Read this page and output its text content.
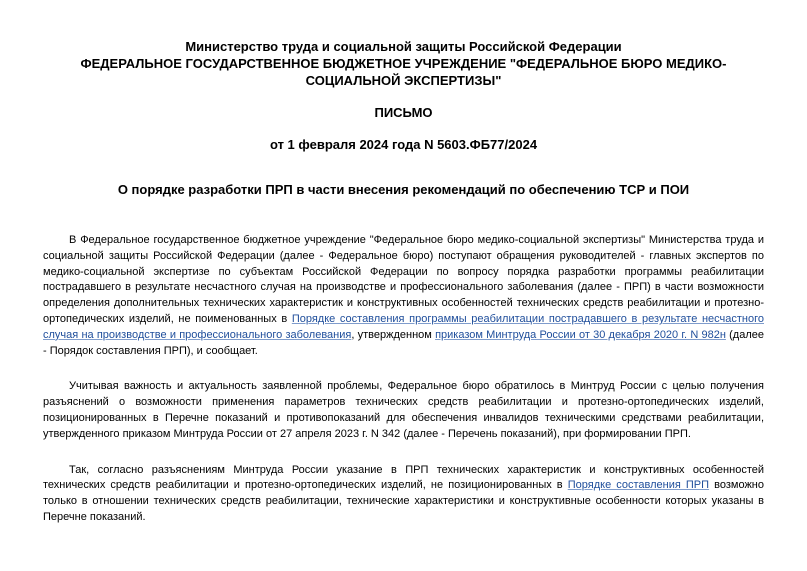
Министерство труда и социальной защиты Российской Федерации
ФЕДЕРАЛЬНОЕ ГОСУДАРСТВЕННОЕ БЮДЖЕТНОЕ УЧРЕЖДЕНИЕ "ФЕДЕРАЛЬНОЕ БЮРО МЕДИКО-
СОЦИАЛЬНОЙ ЭКСПЕРТИЗЫ"
ПИСЬМО
от 1 февраля 2024 года N 5603.ФБ77/2024
О порядке разработки ПРП в части внесения рекомендаций по обеспечению ТСР и ПОИ

В Федеральное государственное бюджетное учреждение "Федеральное бюро медико-социальной экспертизы" Министерства труда и социальной защиты Российской Федерации (далее - Федеральное бюро) поступают обращения руководителей - главных экспертов по медико-социальной экспертизе по субъектам Российской Федерации по вопросу порядка разработки программы реабилитации пострадавшего в результате несчастного случая на производстве и профессионального заболевания (далее - ПРП) в части возможности определения дополнительных технических характеристик и конструктивных особенностей технических средств реабилитации и протезно-ортопедических изделий, не поименованных в Порядке составления программы реабилитации пострадавшего в результате несчастного случая на производстве и профессионального заболевания, утвержденном приказом Минтруда России от 30 декабря 2020 г. N 982н (далее - Порядок составления ПРП), и сообщает.

Учитывая важность и актуальность заявленной проблемы, Федеральное бюро обратилось в Минтруд России с целью получения разъяснений о возможности применения параметров технических средств реабилитации и протезно-ортопедических изделий, позиционированных в Перечне показаний и противопоказаний для обеспечения инвалидов техническими средствами реабилитации, утвержденного приказом Минтруда России от 27 апреля 2023 г. N 342 (далее - Перечень показаний), при формировании ПРП.

Так, согласно разъяснениям Минтруда России указание в ПРП технических характеристик и конструктивных особенностей технических средств реабилитации и протезно-ортопедических изделий, не позиционированных в Порядке составления ПРП возможно только в отношении технических средств реабилитации, технические характеристики и конструктивные особенности которых указаны в Перечне показаний.
